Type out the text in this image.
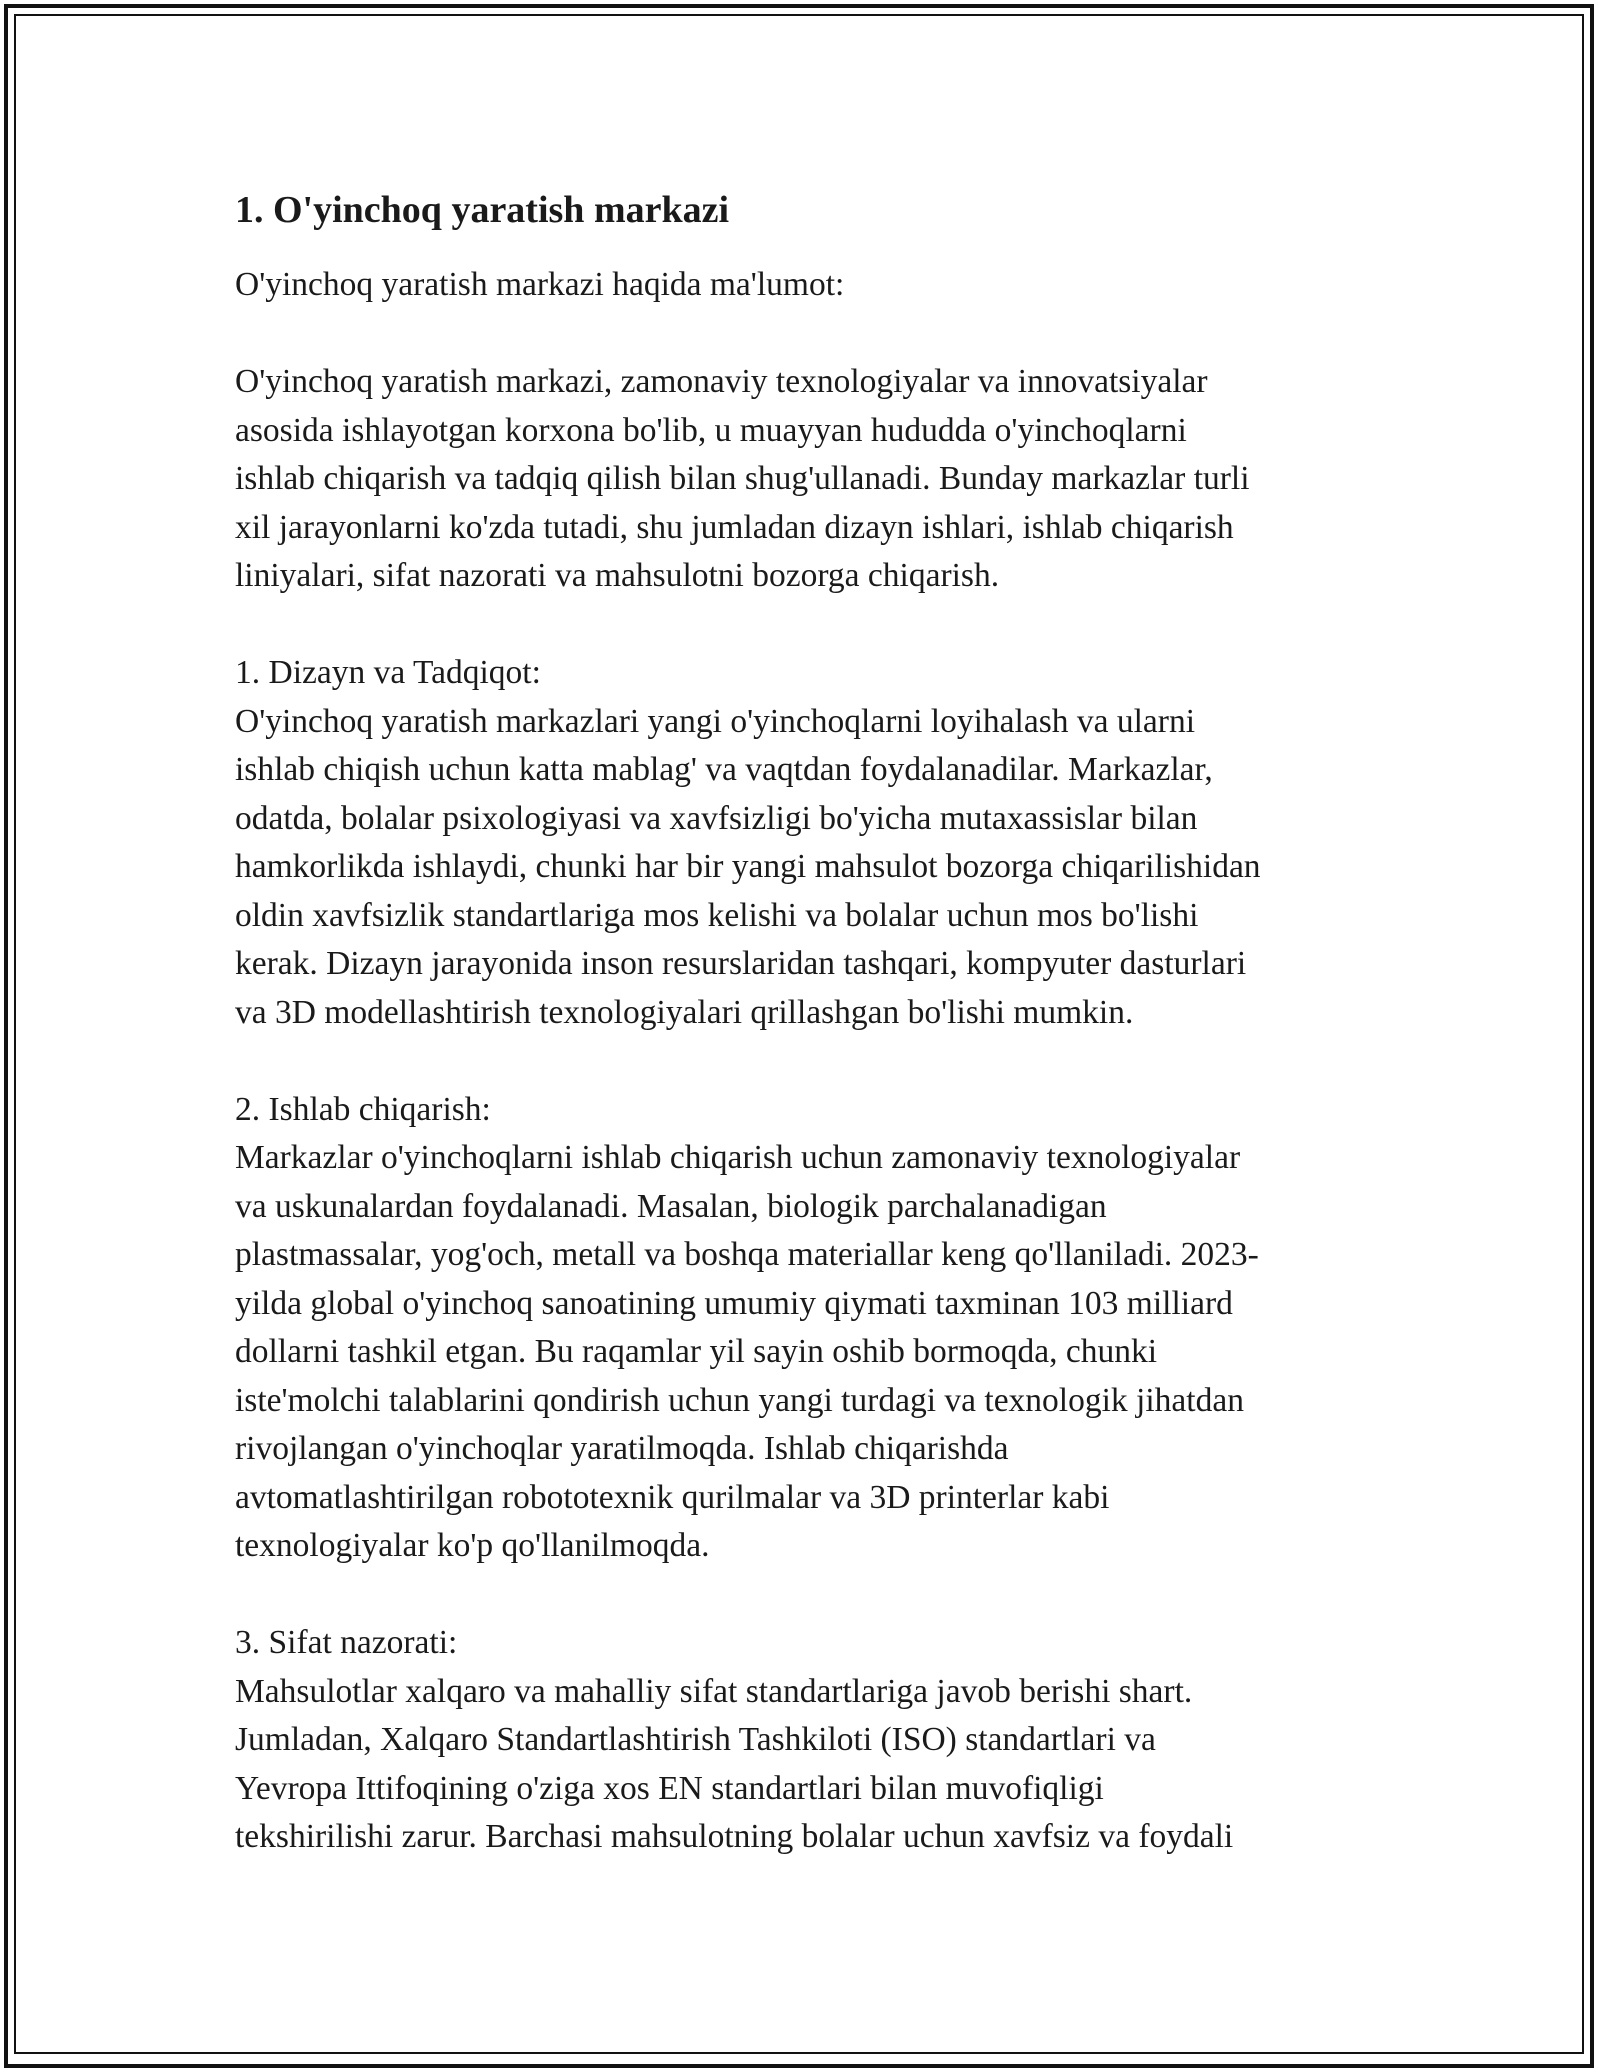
1. O'yinchoq yaratish markazi

O'yinchoq yaratish markazi haqida ma'lumot:

O'yinchoq yaratish markazi, zamonaviy texnologiyalar va innovatsiyalar
asosida ishlayotgan korxona bo'lib, u muayyan hududda o'yinchoqlarni
ishlab chiqarish va tadqiq qilish bilan shug'ullanadi. Bunday markazlar turli
xil jarayonlarni ko'zda tutadi, shu jumladan dizayn ishlari, ishlab chiqarish
liniyalari, sifat nazorati va mahsulotni bozorga chiqarish.

1. Dizayn va Tadqiqot:

O'yinchoq yaratish markazlari yangi o'yinchoqlarni loyihalash va ularni
ishlab chiqish uchun katta mablag' va vaqtdan foydalanadilar. Markazlar,
odatda, bolalar psixologiyasi va xavfsizligi bo'yicha mutaxassislar bilan
hamkorlikda ishlaydi, chunki har bir yangi mahsulot bozorga chiqarilishidan
oldin xavfsizlik standartlariga mos kelishi va bolalar uchun mos bo'lishi
kerak. Dizayn jarayonida inson resurslaridan tashqari, kompyuter dasturlari
va 3D modellashtirish texnologiyalari qrillashgan bo'lishi mumkin.

2. Ishlab chiqarish:

Markazlar o'yinchoqlarni ishlab chiqarish uchun zamonaviy texnologiyalar
va uskunalardan foydalanadi. Masalan, biologik parchalanadigan
plastmassalar, yog'och, metall va boshqa materiallar keng qo'llaniladi. 2023-
yilda global o'yinchoq sanoatining umumiy qiymati taxminan 103 milliard
dollarni tashkil etgan. Bu raqamlar yil sayin oshib bormoqda, chunki
iste'molchi talablarini qondirish uchun yangi turdagi va texnologik jihatdan
rivojlangan o'yinchoqlar yaratilmoqda. Ishlab chiqarishda
avtomatlashtirilgan robototexnik qurilmalar va 3D printerlar kabi
texnologiyalar ko'p qo'llanilmoqda.

3. Sifat nazorati:

Mahsulotlar xalqaro va mahalliy sifat standartlariga javob berishi shart.
Jumladan, Xalqaro Standartlashtirish Tashkiloti (ISO) standartlari va
Yevropa Ittifoqining o'ziga xos EN standartlari bilan muvofiqligi
tekshirilishi zarur. Barchasi mahsulotning bolalar uchun xavfsiz va foydali
